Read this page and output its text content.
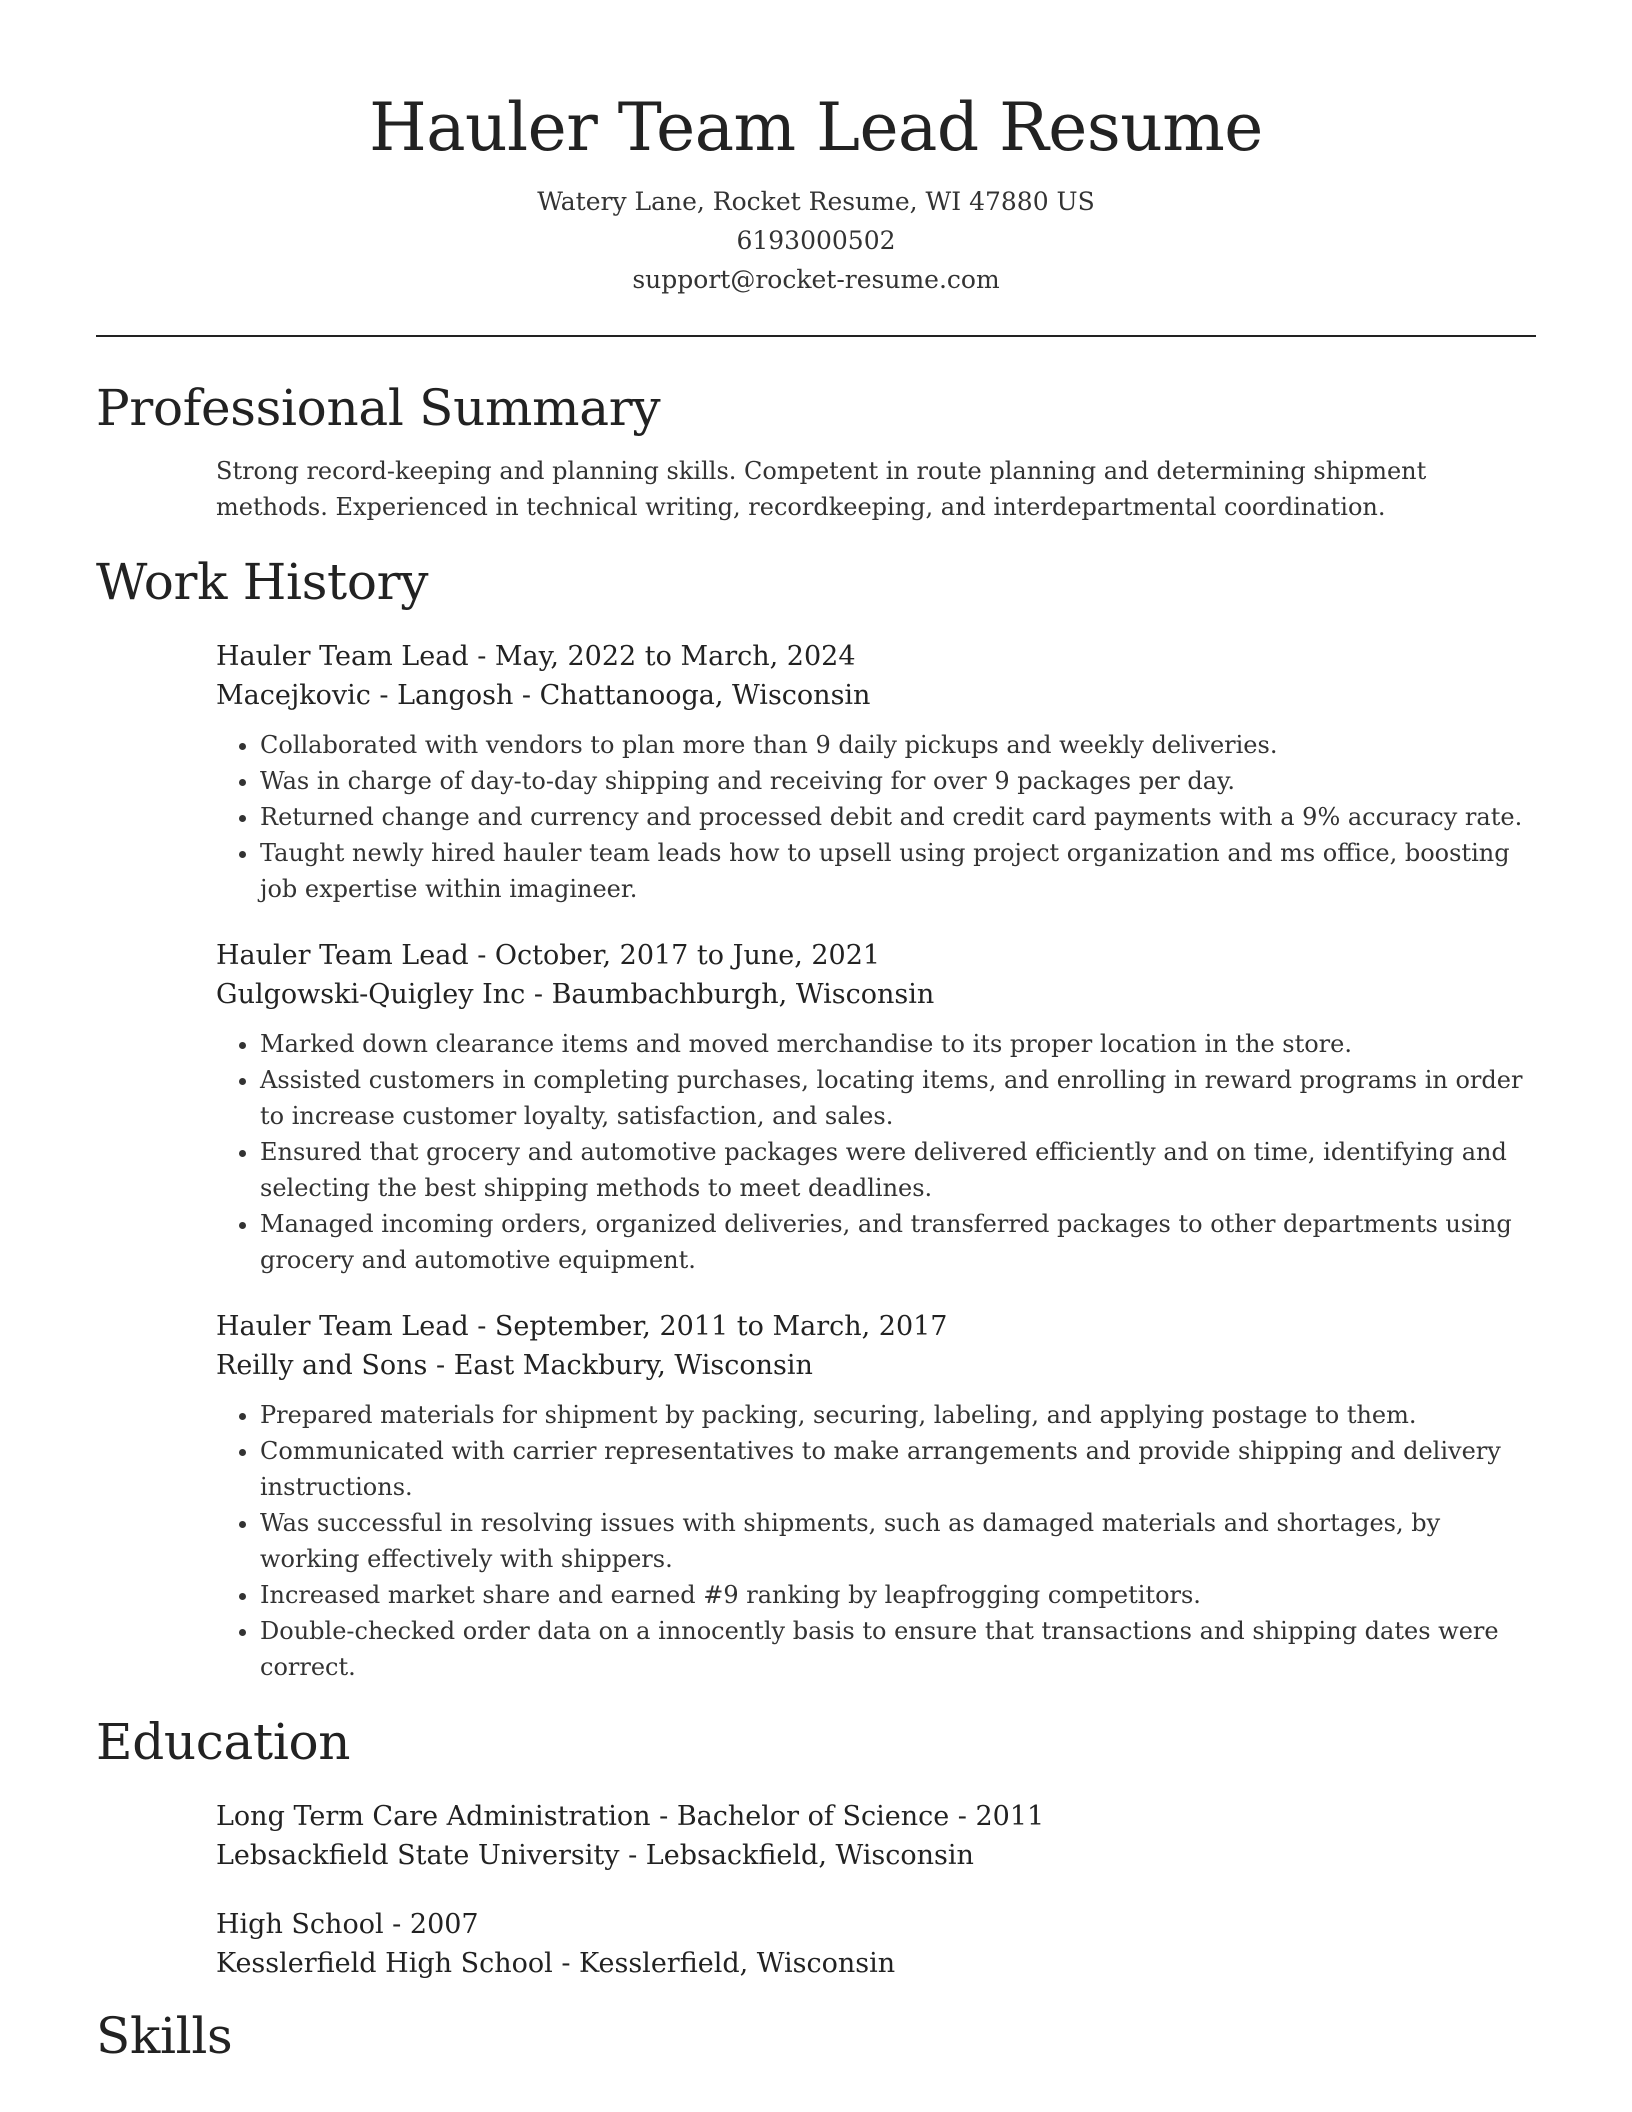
Hauler Team Lead Resume
Watery Lane, Rocket Resume, WI 47880 US
6193000502
support@rocket-resume.com
Professional Summary

Strong record-keeping and planning skills. Competent in route planning and determining shipment methods. Experienced in technical writing, recordkeeping, and interdepartmental coordination.

Work History
Hauler Team Lead - May, 2022 to March, 2024
Macejkovic - Langosh - Chattanooga, Wisconsin
• Collaborated with vendors to plan more than 9 daily pickups and weekly deliveries.
• Was in charge of day-to-day shipping and receiving for over 9 packages per day.
• Returned change and currency and processed debit and credit card payments with a 9% accuracy rate.
• Taught newly hired hauler team leads how to upsell using project organization and ms office, boosting job expertise within imagineer.
Hauler Team Lead - October, 2017 to June, 2021
Gulgowski-Quigley Inc - Baumbachburgh, Wisconsin
• Marked down clearance items and moved merchandise to its proper location in the store.
• Assisted customers in completing purchases, locating items, and enrolling in reward programs in order to increase customer loyalty, satisfaction, and sales.
• Ensured that grocery and automotive packages were delivered efficiently and on time, identifying and selecting the best shipping methods to meet deadlines.
• Managed incoming orders, organized deliveries, and transferred packages to other departments using grocery and automotive equipment.
Hauler Team Lead - September, 2011 to March, 2017
Reilly and Sons - East Mackbury, Wisconsin
• Prepared materials for shipment by packing, securing, labeling, and applying postage to them.
• Communicated with carrier representatives to make arrangements and provide shipping and delivery instructions.
• Was successful in resolving issues with shipments, such as damaged materials and shortages, by working effectively with shippers.
• Increased market share and earned #9 ranking by leapfrogging competitors.
• Double-checked order data on a innocently basis to ensure that transactions and shipping dates were correct.
Education
Long Term Care Administration - Bachelor of Science - 2011
Lebsackfield State University - Lebsackfield, Wisconsin
High School - 2007
Kesslerfield High School - Kesslerfield, Wisconsin
Skills
